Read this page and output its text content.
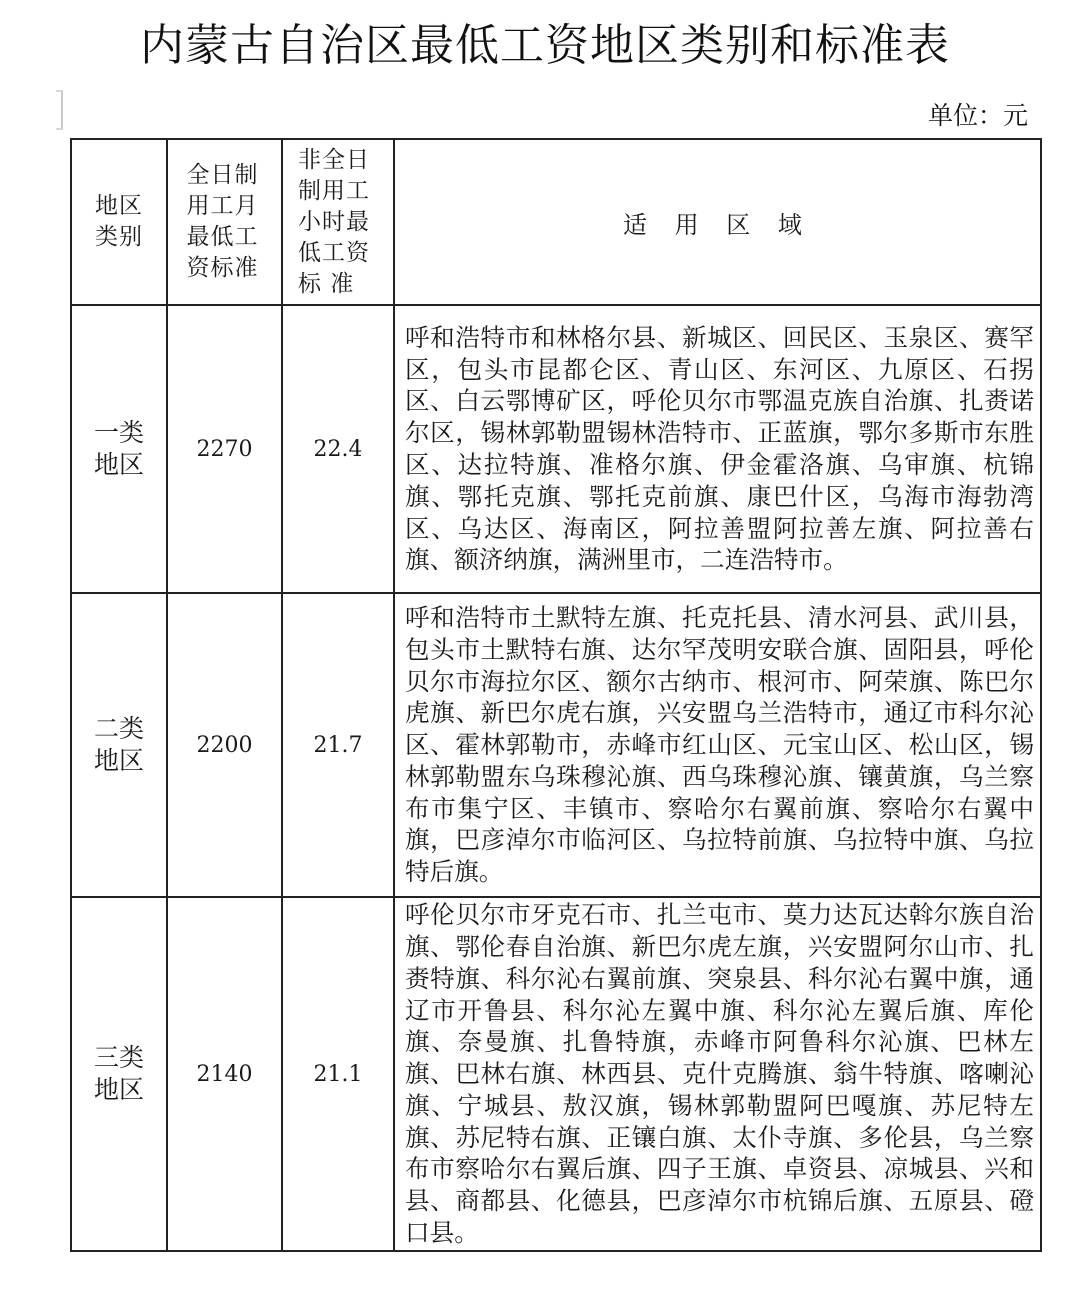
内蒙古自治区最低工资地区类别和标准表
单位：元
地区类别	全日制用工月最低工资标准	非全日制用工小时最低工资标 准	适 用 区 域
一类地区	2270	22.4	呼和浩特市和林格尔县、新城区、回民区、玉泉区、赛罕区，包头市昆都仑区、青山区、东河区、九原区、石拐区、白云鄂博矿区，呼伦贝尔市鄂温克族自治旗、扎赉诺尔区，锡林郭勒盟锡林浩特市、正蓝旗，鄂尔多斯市东胜区、达拉特旗、准格尔旗、伊金霍洛旗、乌审旗、杭锦旗、鄂托克旗、鄂托克前旗、康巴什区，乌海市海勃湾区、乌达区、海南区，阿拉善盟阿拉善左旗、阿拉善右旗、额济纳旗，满洲里市，二连浩特市。
二类地区	2200	21.7	呼和浩特市土默特左旗、托克托县、清水河县、武川县，包头市土默特右旗、达尔罕茂明安联合旗、固阳县，呼伦贝尔市海拉尔区、额尔古纳市、根河市、阿荣旗、陈巴尔虎旗、新巴尔虎右旗，兴安盟乌兰浩特市，通辽市科尔沁区、霍林郭勒市，赤峰市红山区、元宝山区、松山区，锡林郭勒盟东乌珠穆沁旗、西乌珠穆沁旗、镶黄旗，乌兰察布市集宁区、丰镇市、察哈尔右翼前旗、察哈尔右翼中旗，巴彦淖尔市临河区、乌拉特前旗、乌拉特中旗、乌拉特后旗。
三类地区	2140	21.1	呼伦贝尔市牙克石市、扎兰屯市、莫力达瓦达斡尔族自治旗、鄂伦春自治旗、新巴尔虎左旗，兴安盟阿尔山市、扎赉特旗、科尔沁右翼前旗、突泉县、科尔沁右翼中旗，通辽市开鲁县、科尔沁左翼中旗、科尔沁左翼后旗、库伦旗、奈曼旗、扎鲁特旗，赤峰市阿鲁科尔沁旗、巴林左旗、巴林右旗、林西县、克什克腾旗、翁牛特旗、喀喇沁旗、宁城县、敖汉旗，锡林郭勒盟阿巴嘎旗、苏尼特左旗、苏尼特右旗、正镶白旗、太仆寺旗、多伦县，乌兰察布市察哈尔右翼后旗、四子王旗、卓资县、凉城县、兴和县、商都县、化德县，巴彦淖尔市杭锦后旗、五原县、磴口县。
